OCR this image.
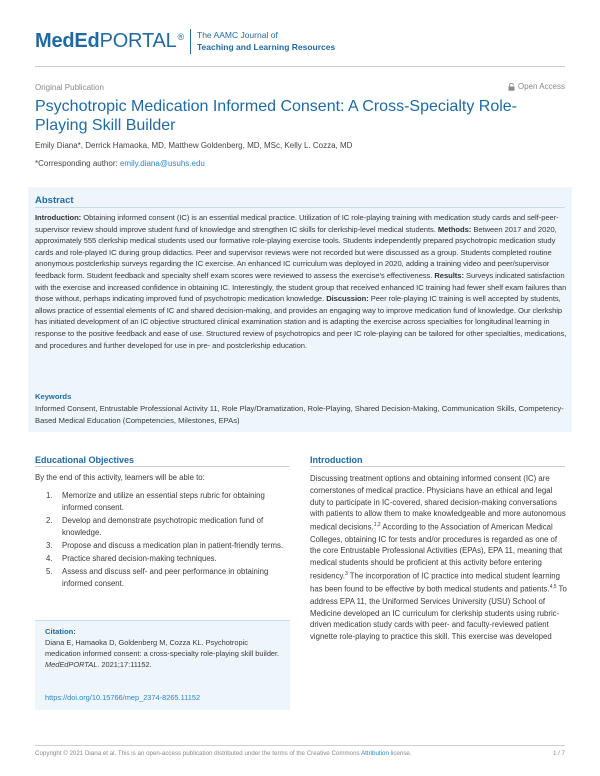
MedEdPORTAL® The AAMC Journal of
Teaching and Learning Resources
Original Publication	Open Access
Psychotropic Medication Informed Consent: A Cross-Specialty Role-Playing Skill Builder
Emily Diana*, Derrick Hamaoka, MD, Matthew Goldenberg, MD, MSc, Kelly L. Cozza, MD
*Corresponding author: emily.diana@usuhs.edu
Abstract
Introduction: Obtaining informed consent (IC) is an essential medical practice. Utilization of IC role-playing training with medication study cards and self-peer-supervisor review should improve student fund of knowledge and strengthen IC skills for clerkship-level medical students. Methods: Between 2017 and 2020, approximately 555 clerkship medical students used our formative role-playing exercise tools. Students independently prepared psychotropic medication study cards and role-played IC during group didactics. Peer and supervisor reviews were not recorded but were discussed as a group. Students completed routine anonymous postclerkship surveys regarding the IC exercise. An enhanced IC curriculum was deployed in 2020, adding a training video and peer/supervisor feedback form. Student feedback and specialty shelf exam scores were reviewed to assess the exercise's effectiveness. Results: Surveys indicated satisfaction with the exercise and increased confidence in obtaining IC. Interestingly, the student group that received enhanced IC training had fewer shelf exam failures than those without, perhaps indicating improved fund of psychotropic medication knowledge. Discussion: Peer role-playing IC training is well accepted by students, allows practice of essential elements of IC and shared decision-making, and provides an engaging way to improve medication fund of knowledge. Our clerkship has initiated development of an IC objective structured clinical examination station and is adapting the exercise across specialties for longitudinal learning in response to the positive feedback and ease of use. Structured review of psychotropics and peer IC role-playing can be tailored for other specialties, medications, and procedures and further developed for use in pre- and postclerkship education.
Keywords
Informed Consent, Entrustable Professional Activity 11, Role Play/Dramatization, Role-Playing, Shared Decision-Making, Communication Skills, Competency-Based Medical Education (Competencies, Milestones, EPAs)
Educational Objectives
By the end of this activity, learners will be able to:
1. Memorize and utilize an essential steps rubric for obtaining informed consent.
2. Develop and demonstrate psychotropic medication fund of knowledge.
3. Propose and discuss a medication plan in patient-friendly terms.
4. Practice shared decision-making techniques.
5. Assess and discuss self- and peer performance in obtaining informed consent.
Citation:
Diana E, Hamaoka D, Goldenberg M, Cozza KL. Psychotropic medication informed consent: a cross-specialty role-playing skill builder. MedEdPORTAL. 2021;17:11152.
https://doi.org/10.15766/mep_2374-8265.11152
Introduction
Discussing treatment options and obtaining informed consent (IC) are cornerstones of medical practice. Physicians have an ethical and legal duty to participate in IC-covered, shared decision-making conversations with patients to allow them to make knowledgeable and more autonomous medical decisions.$^{1,2}$ According to the Association of American Medical Colleges, obtaining IC for tests and/or procedures is regarded as one of the core Entrustable Professional Activities (EPAs), EPA 11, meaning that medical students should be proficient at this activity before entering residency.$^3$ The incorporation of IC practice into medical student learning has been found to be effective by both medical students and patients.$^{4,5}$ To address EPA 11, the Uniformed Services University (USU) School of Medicine developed an IC curriculum for clerkship students using rubric-driven medication study cards with peer- and faculty-reviewed patient vignette role-playing to practice this skill. This exercise was developed
Copyright © 2021 Diana et al. This is an open-access publication distributed under the terms of the Creative Commons Attribution license.	1 / 7
